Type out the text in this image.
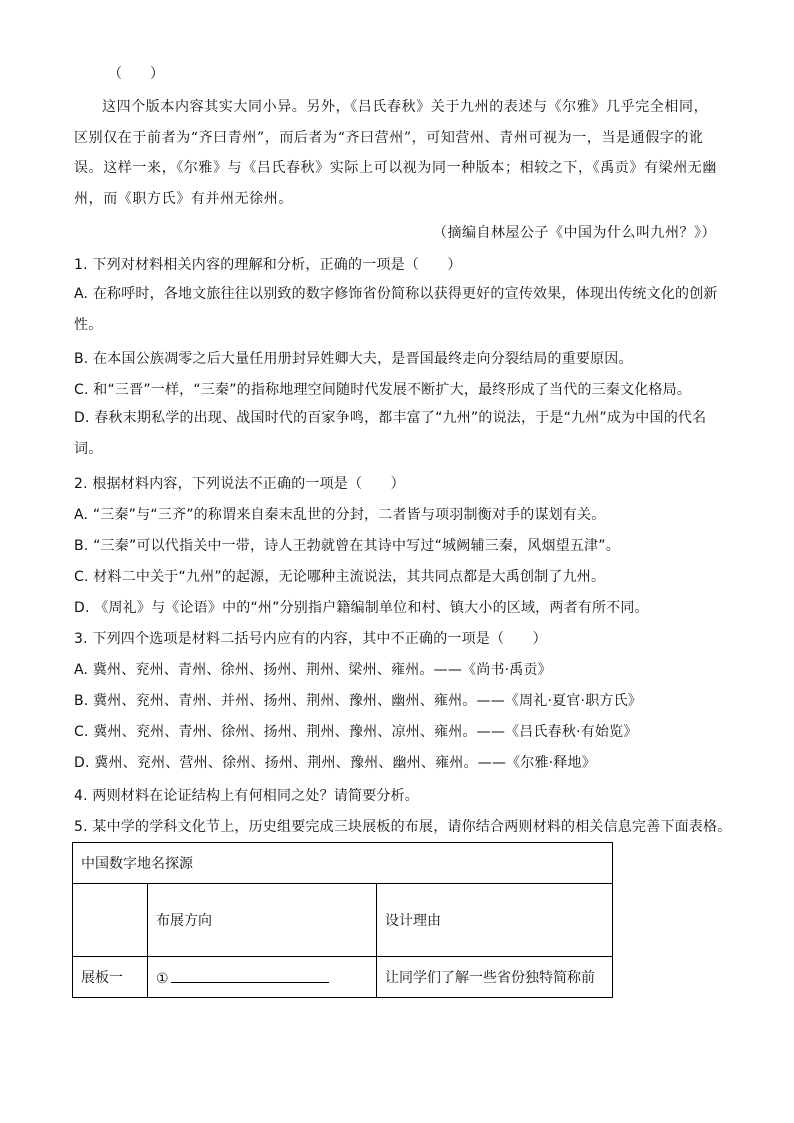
（　　）
这四个版本内容其实大同小异。另外，《吕氏春秋》关于九州的表述与《尔雅》几乎完全相同，区别仅在于前者为“齐曰青州”，而后者为“齐曰营州”，可知营州、青州可视为一，当是通假字的讹误。这样一来，《尔雅》与《吕氏春秋》实际上可以视为同一种版本；相较之下，《禹贡》有梁州无幽州，而《职方氏》有并州无徐州。
（摘编自林屋公子《中国为什么叫九州？》）
1. 下列对材料相关内容的理解和分析，正确的一项是（　　）
A. 在称呼时，各地文旅往往以别致的数字修饰省份简称以获得更好的宣传效果，体现出传统文化的创新性。
B. 在本国公族凋零之后大量任用册封异姓卿大夫，是晋国最终走向分裂结局的重要原因。
C. 和“三晋”一样，“三秦”的指称地理空间随时代发展不断扩大，最终形成了当代的三秦文化格局。
D. 春秋末期私学的出现、战国时代的百家争鸣，都丰富了“九州”的说法，于是“九州”成为中国的代名词。
2. 根据材料内容，下列说法不正确的一项是（　　）
A. “三秦”与“三齐”的称谓来自秦末乱世的分封，二者皆与项羽制衡对手的谋划有关。
B. “三秦”可以代指关中一带，诗人王勃就曾在其诗中写过“城阙辅三秦，风烟望五津”。
C. 材料二中关于“九州”的起源，无论哪种主流说法，其共同点都是大禹创制了九州。
D. 《周礼》与《论语》中的“州”分别指户籍编制单位和村、镇大小的区域，两者有所不同。
3. 下列四个选项是材料二括号内应有的内容，其中不正确的一项是（　　）
A. 冀州、兖州、青州、徐州、扬州、荆州、梁州、雍州。——《尚书·禹贡》
B. 冀州、兖州、青州、并州、扬州、荆州、豫州、幽州、雍州。——《周礼·夏官·职方氏》
C. 冀州、兖州、青州、徐州、扬州、荆州、豫州、凉州、雍州。——《吕氏春秋·有始览》
D. 冀州、兖州、营州、徐州、扬州、荆州、豫州、幽州、雍州。——《尔雅·释地》
4. 两则材料在论证结构上有何相同之处？请简要分析。
5. 某中学的学科文化节上，历史组要完成三块展板的布展，请你结合两则材料的相关信息完善下面表格。
中国数字地名探源		
	布展方向	设计理由
展板一	①	让同学们了解一些省份独特简称前
